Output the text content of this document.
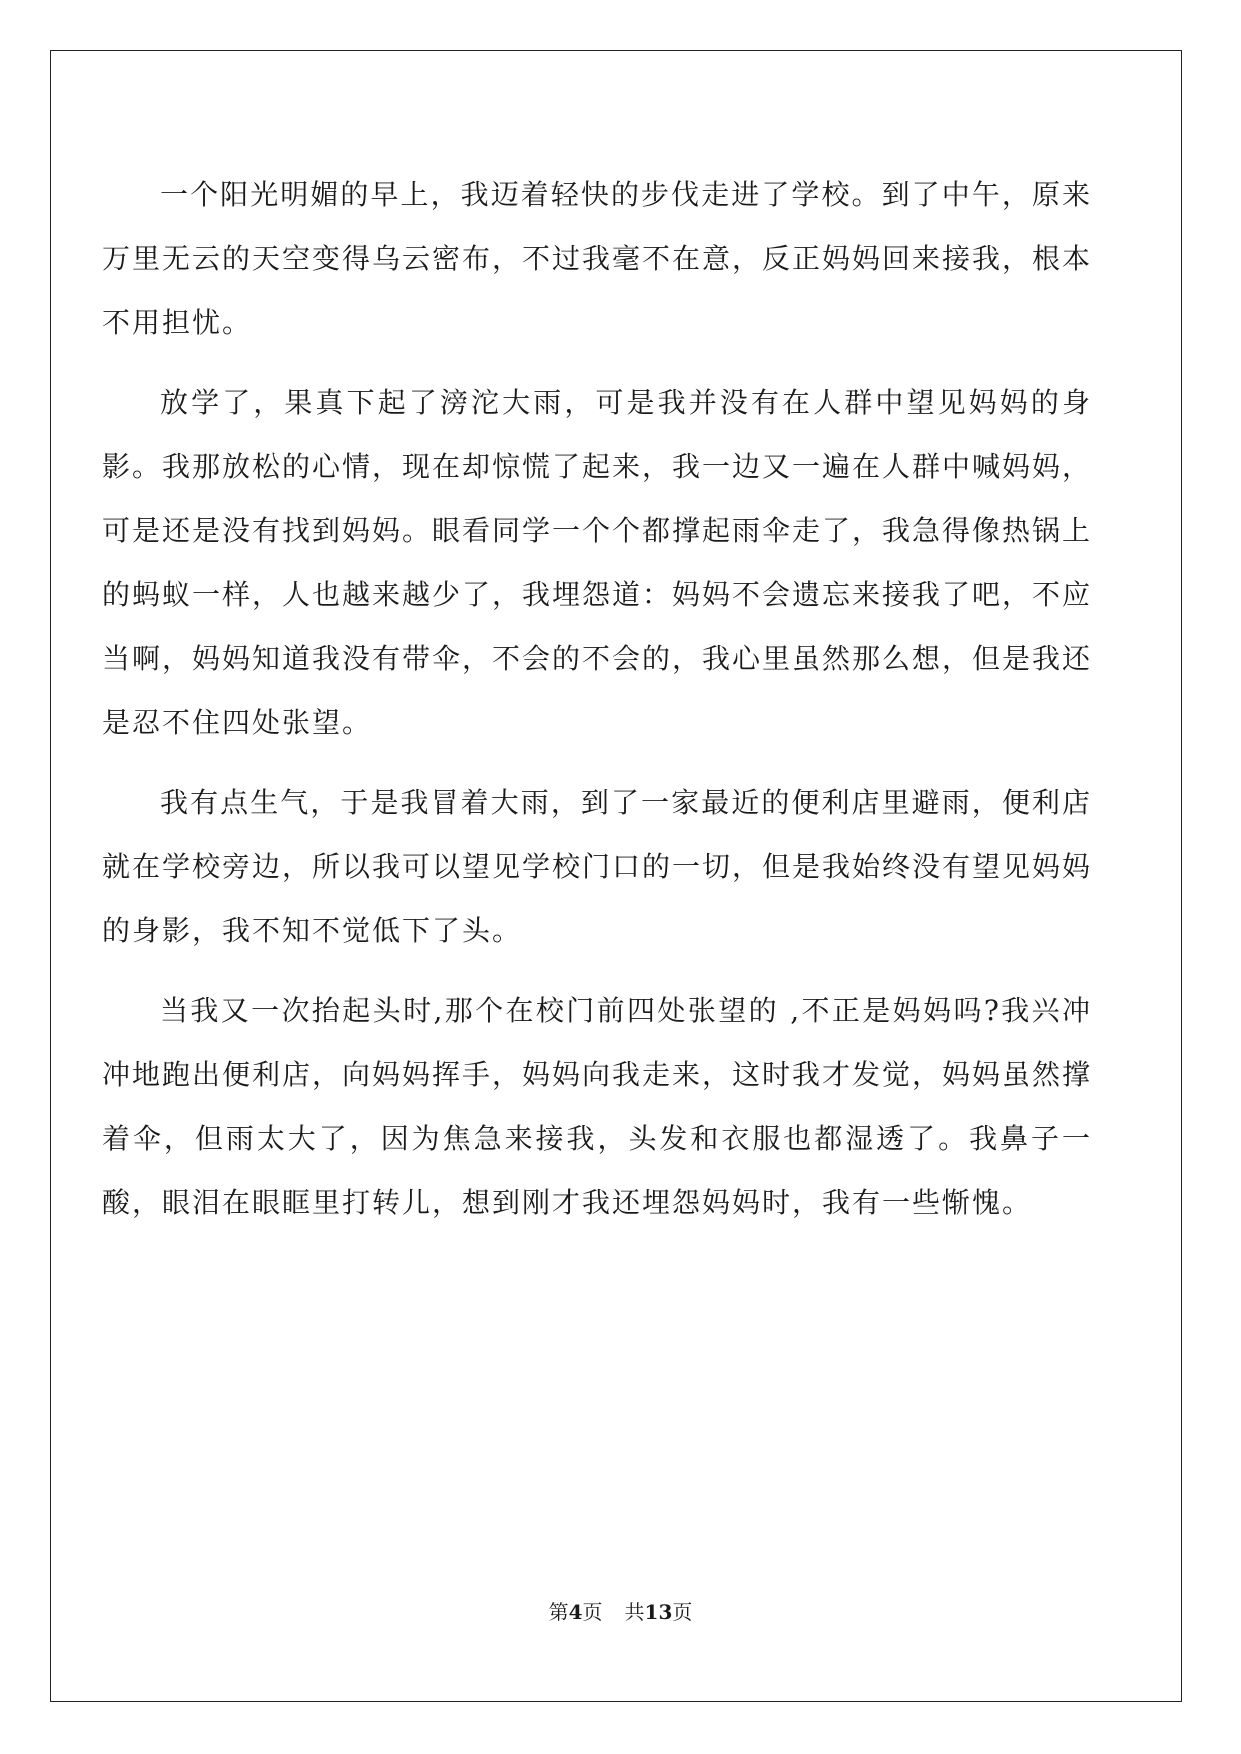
一个阳光明媚的早上，我迈着轻快的步伐走进了学校。到了中午，原来万里无云的天空变得乌云密布，不过我毫不在意，反正妈妈回来接我，根本不用担忧。

放学了，果真下起了滂沱大雨，可是我并没有在人群中望见妈妈的身影。我那放松的心情，现在却惊慌了起来，我一边又一遍在人群中喊妈妈，可是还是没有找到妈妈。眼看同学一个个都撑起雨伞走了，我急得像热锅上的蚂蚁一样，人也越来越少了，我埋怨道：妈妈不会遗忘来接我了吧，不应当啊，妈妈知道我没有带伞，不会的不会的，我心里虽然那么想，但是我还是忍不住四处张望。

我有点生气，于是我冒着大雨，到了一家最近的便利店里避雨，便利店就在学校旁边，所以我可以望见学校门口的一切，但是我始终没有望见妈妈的身影，我不知不觉低下了头。

当我又一次抬起头时,那个在校门前四处张望的 ,不正是妈妈吗?我兴冲冲地跑出便利店，向妈妈挥手，妈妈向我走来，这时我才发觉，妈妈虽然撑着伞，但雨太大了，因为焦急来接我，头发和衣服也都湿透了。我鼻子一酸，眼泪在眼眶里打转儿，想到刚才我还埋怨妈妈时，我有一些惭愧。

第4页 共13页
